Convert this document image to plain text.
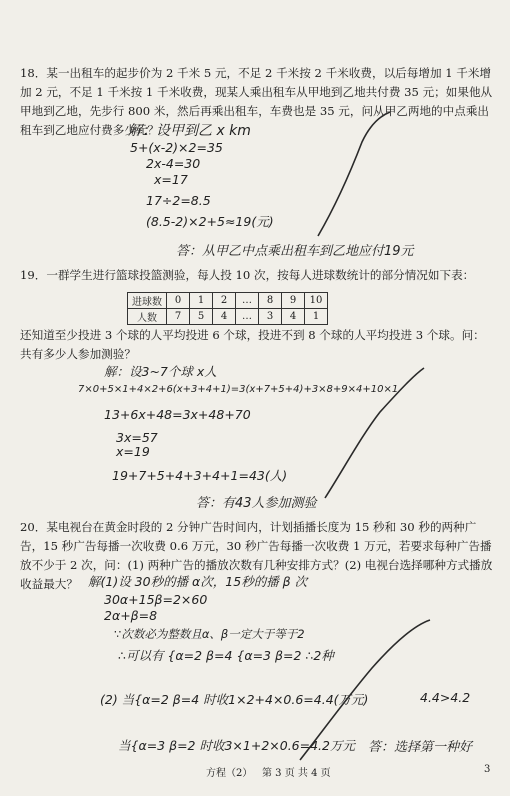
18．某一出租车的起步价为 2 千米 5 元，不足 2 千米按 2 千米收费，以后每增加 1 千米增加 2 元，不足 1 千米按 1 千米收费，现某人乘出租车从甲地到乙地共付费 35 元；如果他从甲地到乙地，先步行 800 米，然后再乘出租车，车费也是 35 元，问从甲乙两地的中点乘出租车到乙地应付费多少元？
解：设甲到乙 x km
5+(x-2)×2=35
2x-4=30
x=17
17÷2=8.5
(8.5-2)×2+5≈19(元)
答：从甲乙中点乘出租车到乙地应付19元
19．一群学生进行篮球投篮测验，每人投 10 次，按每人进球数统计的部分情况如下表：
进球数	0	1	2	…	8	9	10
人数	7	5	4	…	3	4	1
还知道至少投进 3 个球的人平均投进 6 个球，投进不到 8 个球的人平均投进 3 个球。问：共有多少人参加测验？
解：设3~7个球 x人
7×0+5×1+4×2+6(x+3+4+1)=3(x+7+5+4)+3×8+9×4+10×1
13+6x+48=3x+48+70
3x=57
x=19
19+7+5+4+3+4+1=43(人)
答：有43人参加测验
20．某电视台在黄金时段的 2 分钟广告时间内，计划插播长度为 15 秒和 30 秒的两种广告，15 秒广告每播一次收费 0.6 万元，30 秒广告每播一次收费 1 万元，若要求每种广告播放不少于 2 次，问：(1) 两种广告的播放次数有几种安排方式？(2) 电视台选择哪种方式播放收益最大？ 解(1)设 30秒的播 α次，15秒的播 β 次
30α+15β=2×60
2α+β=8
∵次数必为整数且α、β一定大于等于2
∴可以有 {α=2 β=4 {α=3 β=2 ∴2种
(2) 当{α=2 β=4 时收1×2+4×0.6=4.4(万元)	4.4>4.2
当{α=3 β=2 时收3×1+2×0.6=4.2万元 答：选择第一种好
方程（2） 第 3 页 共 4 页	3
